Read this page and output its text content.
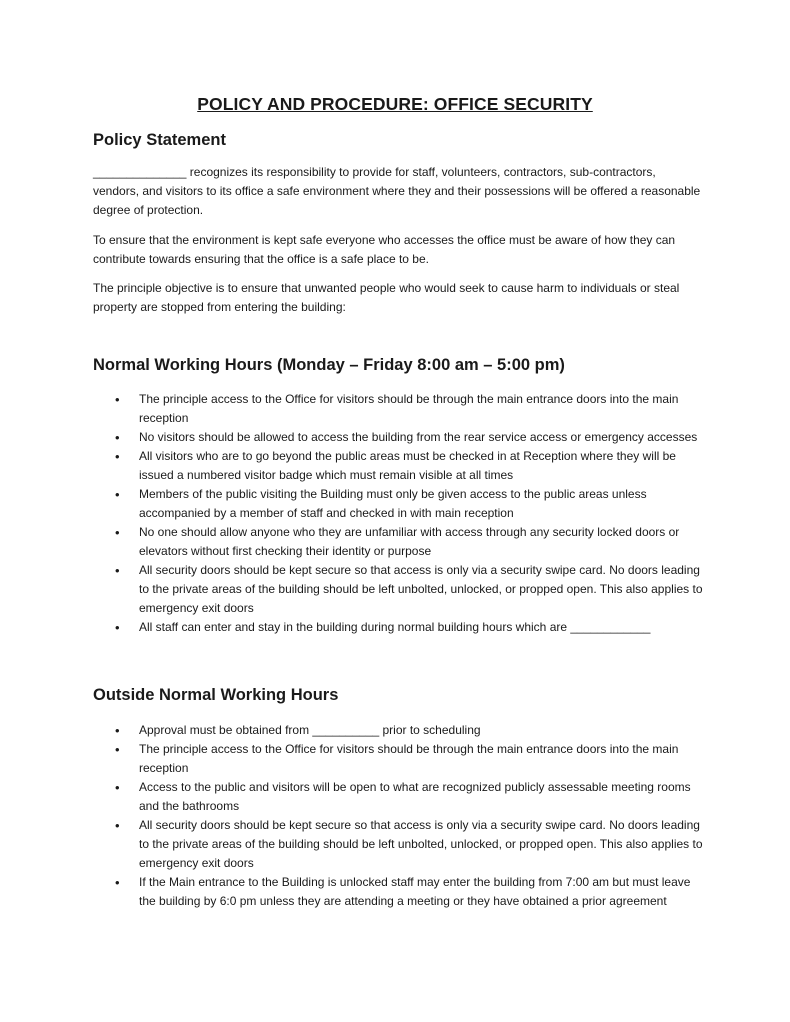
POLICY AND PROCEDURE: OFFICE SECURITY
Policy Statement

______________ recognizes its responsibility to provide for staff, volunteers, contractors, sub-contractors, vendors, and visitors to its office a safe environment where they and their possessions will be offered a reasonable degree of protection.

To ensure that the environment is kept safe everyone who accesses the office must be aware of how they can contribute towards ensuring that the office is a safe place to be.

The principle objective is to ensure that unwanted people who would seek to cause harm to individuals or steal property are stopped from entering the building:

Normal Working Hours (Monday – Friday 8:00 am – 5:00 pm)
• The principle access to the Office for visitors should be through the main entrance doors into the main reception
• No visitors should be allowed to access the building from the rear service access or emergency accesses
• All visitors who are to go beyond the public areas must be checked in at Reception where they will be issued a numbered visitor badge which must remain visible at all times
• Members of the public visiting the Building must only be given access to the public areas unless accompanied by a member of staff and checked in with main reception
• No one should allow anyone who they are unfamiliar with access through any security locked doors or elevators without first checking their identity or purpose
• All security doors should be kept secure so that access is only via a security swipe card. No doors leading to the private areas of the building should be left unbolted, unlocked, or propped open. This also applies to emergency exit doors
• All staff can enter and stay in the building during normal building hours which are ____________
Outside Normal Working Hours
• Approval must be obtained from __________ prior to scheduling
• The principle access to the Office for visitors should be through the main entrance doors into the main reception
• Access to the public and visitors will be open to what are recognized publicly assessable meeting rooms and the bathrooms
• All security doors should be kept secure so that access is only via a security swipe card. No doors leading to the private areas of the building should be left unbolted, unlocked, or propped open. This also applies to emergency exit doors
• If the Main entrance to the Building is unlocked staff may enter the building from 7:00 am but must leave the building by 6:0 pm unless they are attending a meeting or they have obtained a prior agreement
